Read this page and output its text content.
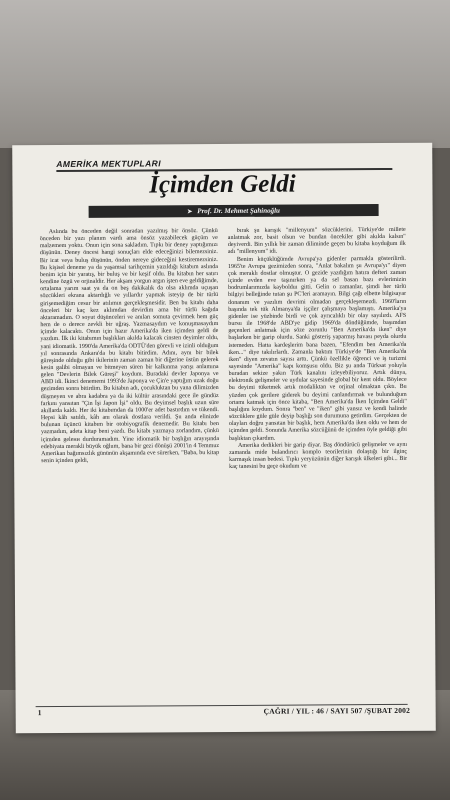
AMERİKA MEKTUPLARI
İçimden Geldi
➤ Prof. Dr. Mehmet Şahinoğlu

Aslında bu önceden değil sonradan yazılmış bir önsöz. Çünkü önceden bir yazı planım vardı ama önsöz yazabilecek güçüm ve malzemem yoktu. Onun için sona sakladım. Tıpkı bir deney yaptığımızı düşünün. Deney öncesi hangi sonuçları elde edeceğinizi bilemezsiniz. Bir icat veya buluş düşünün, önden nereye gideceğini kestiremezsiniz. Bu kişisel deneme ya da yaşamsal tarihçemin yazıldığı kitabım aslında benim için bir yaratış, bir buluş ve bir keşif oldu. Bu kitabın her satırı kendine özgü ve orjinaldir. Her akşam yorgun argın işten eve geldiğimde, ortalama yarım saat ya da on beş dakikalık da olsa aklımda uçuşan sözcükleri ekrana aktardığlı ve yıllardır yapmak isteyip de bir türlü girişemediğim cesur bir atılımın gerçekleşmesidir. Ben bu kitabı daha önceleri bir kaç kez aklımdan devirdim ama bir türlü kağıda aktaramadım. O soyut düşünceleri ve anıları somuta çevirmek hem güç hem de o derece zevkli bir uğraş. Yazmasaydım ve konuşmasaydım içimde kalacaktı. Onun için hazır Amerika'da iken içimden geldi de yazdım. İlk iki kitabımın başlıkları akılda kalacak cinsten deyimler oldu, yani idiomatik. 1990'da Amerika'da ODTÜ'den görevli ve izinli olduğum yıl sonrasında Ankara'da bu kitabı bitirdim. Adını, aynı bir bilek güreşinde olduğu gibi ikilerinin zaman zaman bir diğerine üstün gelerek kesin galibi olmayan ve bitmeyen süren bir kalkınma yarışı anlamına gelen "Devlerin Bilek Güreşi" koydum. Buradaki devler Japonya ve ABD idi. İkinci denememi 1993'de Japonya ve Çin'e yaptığım uzak doğu gezimden sonra bitirdim. Bu kitabın adı, çocukluktan bu yana dilimizden düşmeyen ve abra kadabra ya da iki kültür arasındaki gece ile gündüz farkını yansıtan "Çin İşi Japon İşi" oldu. Bu deyimsel başlık uzun süre akıllarda kaldı. Her iki kitabımdan da 1000'er adet bastırdım ve tükendi. Hepsi kâh satıldı, kâh anı olarak dostlara verildi. Şu anda elinizde bulunan üçüncü kitabım bir otobiyografik denemedir. Bu kitabı ben yazmadım, adeta kitap beni yazdı. Bu kitabı yazmaya zorlandım, çünkü içimden gelени durduramadım. Yine idiomatik bir başlığın arayışında edebiyata merakli büyük oğlum, bana bir gezi dönüşü 2001'in 4 Temmuz Amerikan bağımsızlık gününün akşamında eve sürerken, "Baba, bu kitap senin içinden geldi,

bırak şu karışık "millenyum" sözcüklerini. Türkiye'de millete anlatmak zor, basit olsun ve bundan öncekiler gibi akılda kalsın" deyiverdi. Bin yıllık bir zaman diliminde geçen bu kitaba koyduğum ilk adı "millenyum" idi.

Benim küçüklüğümde Avrupa'ya gidenler parmakla gösterilirdi. 1965'te Avrupa gezimizden sonra, "Anlat bakalım şu Avrupa'yı" diyen çok meraklı dostlar olmuştur. O gezide yazdığım hatıra defteri zaman içinde evden eve taşınırken ya da sel basan bazı evlerimizin bodrumlarımızda kaybolduı gitti. Gelin o zamanlar, şimdi her türlü bilgiyi belleğinde tutan şu PC'leri aramayın. Bilgi çağı elbette bilgisayar donanım ve yazılım devrimi olmadan gerçekleşemezdi. 1960'ların başında tek tük Almanya'da işçiler çalışmaya başlamıştı. Amerika'ya gidenler ise yüzbinde birdi ve çok ayrıcalıklı bir olay sayılırdı. AFS bursu ile 1968'de ABD'ye gidip 1969'da döndüğümde, başımdan geçenleri anlatmak için söze zorunlu "Ben Amerika'da iken" diye başlarken bir garip olurdu. Sanki gösteriş yaparmış havası peyda olurdu istemeden. Hatta kardeşlerim bana bazen, "Efendim ben Amerika'da iken..." diye takılırlardı. Zamanla baktım Türkiye'de "Ben Amerika'da iken" diyen zevatın sayısı arttı. Çünkü özellikle öğrenci ve iş turizmi sayesinde "Amerika" kapı komşusu oldu. Biz şu anda Türksat yoluyla buradan sekize yakın Türk kanalını izleyebiliyoruz. Artık dünya, elektronik gelişmeler ve uydular sayesinde global bir kent oldu. Böylece bu deyimi tüketmek artık modaliktan ve orjinal olmaktan çıktı. Bu yüzden çok gerilere giderek bu deyimi canlandırmak ve bulunduğum ortamı katmak için önce kitaba, "Ben Amerika'da İken İçimden Geldi" başlığını koydum. Sonra "ben" ve "iken" gibi yansız ve kendi halinde sözcüklere güle güle deyip başlığı son durumuna getirdim. Gerçekten de olayları doğru yansıtan bir başlık, hem Amerika'da iken oldu ve hem de içimden geldi. Sonunda Amerika sözcüğünü de içimden öyle geldiği gibi başlıktan çıkardım.

Amerika dedikleri bir garip diyar. Baş döndürücü gelişmeler ve aynı zamanda mide bulandırıcı komplo teorilerinin dolaştığı bir ilginç karmaşık insan bedesi. Tıpkı yeryüzünün diğer karışık ülkeleri gibi... Bir kaç tanesini bu geçe okudum ve

1	ÇAĞRI / YIL : 46 / SAYI 507 /ŞUBAT 2002
